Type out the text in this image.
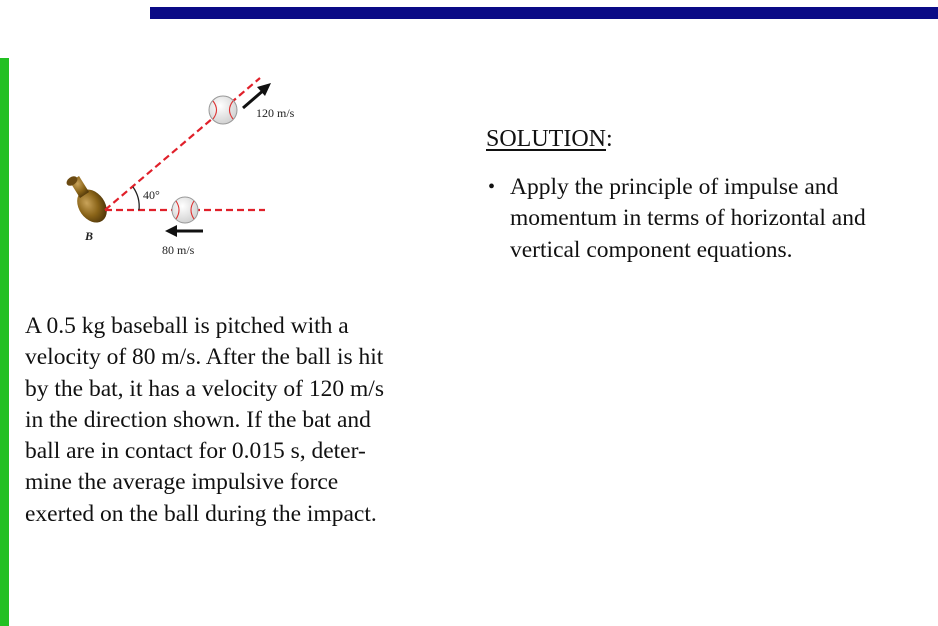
40°
80 m/s
120 m/s
B
A 0.5 kg baseball is pitched with a
velocity of 80 m/s. After the ball is hit
by the bat, it has a velocity of 120 m/s
in the direction shown. If the bat and
ball are in contact for 0.015 s, deter-
mine the average impulsive force
exerted on the ball during the impact.
SOLUTION:
• Apply the principle of impulse and
momentum in terms of horizontal and
vertical component equations.
